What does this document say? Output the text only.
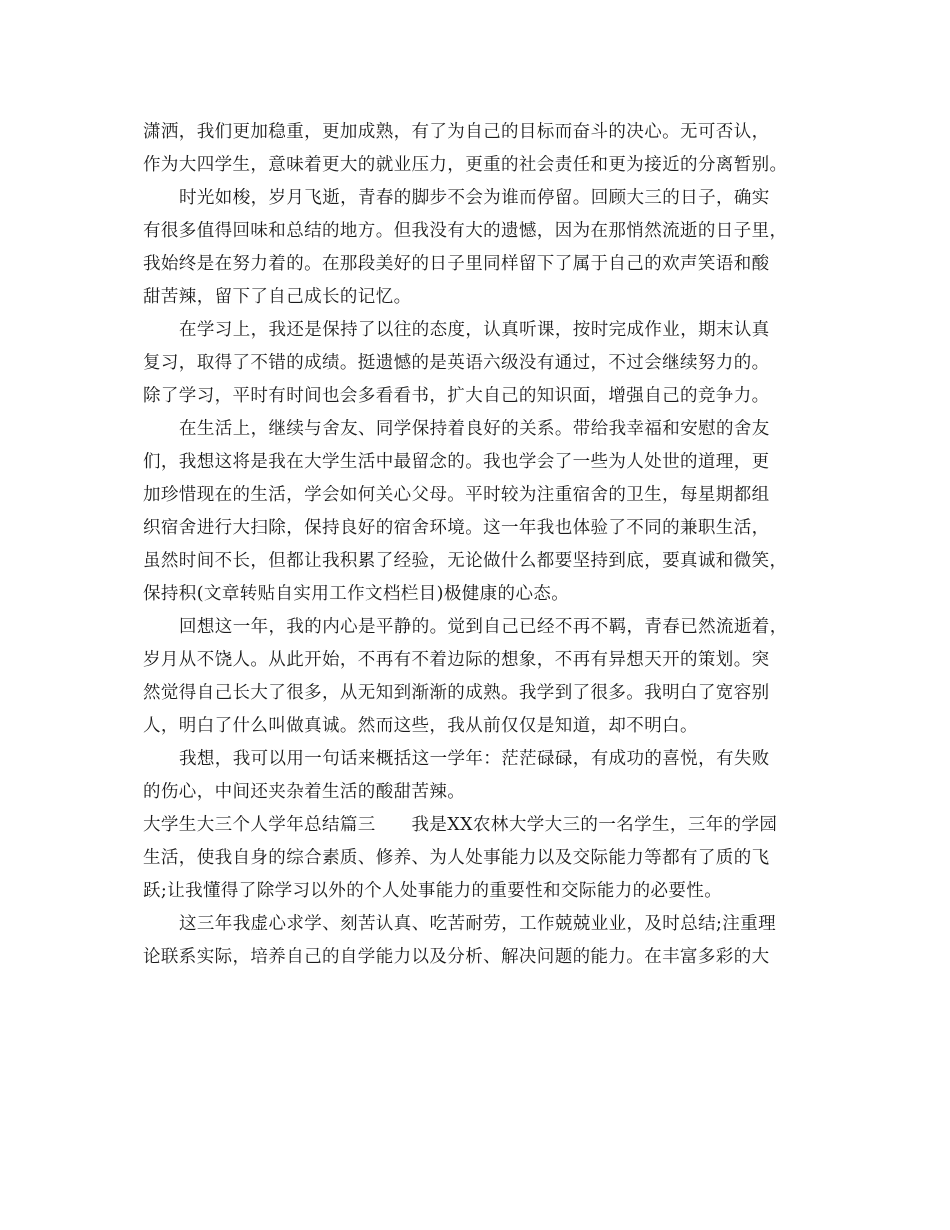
潇洒，我们更加稳重，更加成熟，有了为自己的目标而奋斗的决心。无可否认，
作为大四学生，意味着更大的就业压力，更重的社会责任和更为接近的分离暂别。
时光如梭，岁月飞逝，青春的脚步不会为谁而停留。回顾大三的日子，确实
有很多值得回味和总结的地方。但我没有大的遗憾，因为在那悄然流逝的日子里，
我始终是在努力着的。在那段美好的日子里同样留下了属于自己的欢声笑语和酸
甜苦辣，留下了自己成长的记忆。
在学习上，我还是保持了以往的态度，认真听课，按时完成作业，期末认真
复习，取得了不错的成绩。挺遗憾的是英语六级没有通过，不过会继续努力的。
除了学习，平时有时间也会多看看书，扩大自己的知识面，增强自己的竞争力。
在生活上，继续与舍友、同学保持着良好的关系。带给我幸福和安慰的舍友
们，我想这将是我在大学生活中最留念的。我也学会了一些为人处世的道理，更
加珍惜现在的生活，学会如何关心父母。平时较为注重宿舍的卫生，每星期都组
织宿舍进行大扫除，保持良好的宿舍环境。这一年我也体验了不同的兼职生活，
虽然时间不长，但都让我积累了经验，无论做什么都要坚持到底，要真诚和微笑，
保持积(文章转贴自实用工作文档栏目)极健康的心态。
回想这一年，我的内心是平静的。觉到自己已经不再不羁，青春已然流逝着，
岁月从不饶人。从此开始，不再有不着边际的想象，不再有异想天开的策划。突
然觉得自己长大了很多，从无知到渐渐的成熟。我学到了很多。我明白了宽容别
人，明白了什么叫做真诚。然而这些，我从前仅仅是知道，却不明白。
我想，我可以用一句话来概括这一学年：茫茫碌碌，有成功的喜悦，有失败
的伤心，中间还夹杂着生活的酸甜苦辣。
大学生大三个人学年总结篇三　　我是XX农林大学大三的一名学生，三年的学园
生活，使我自身的综合素质、修养、为人处事能力以及交际能力等都有了质的飞
跃;让我懂得了除学习以外的个人处事能力的重要性和交际能力的必要性。
这三年我虚心求学、刻苦认真、吃苦耐劳，工作兢兢业业，及时总结;注重理
论联系实际，培养自己的自学能力以及分析、解决问题的能力。在丰富多彩的大
